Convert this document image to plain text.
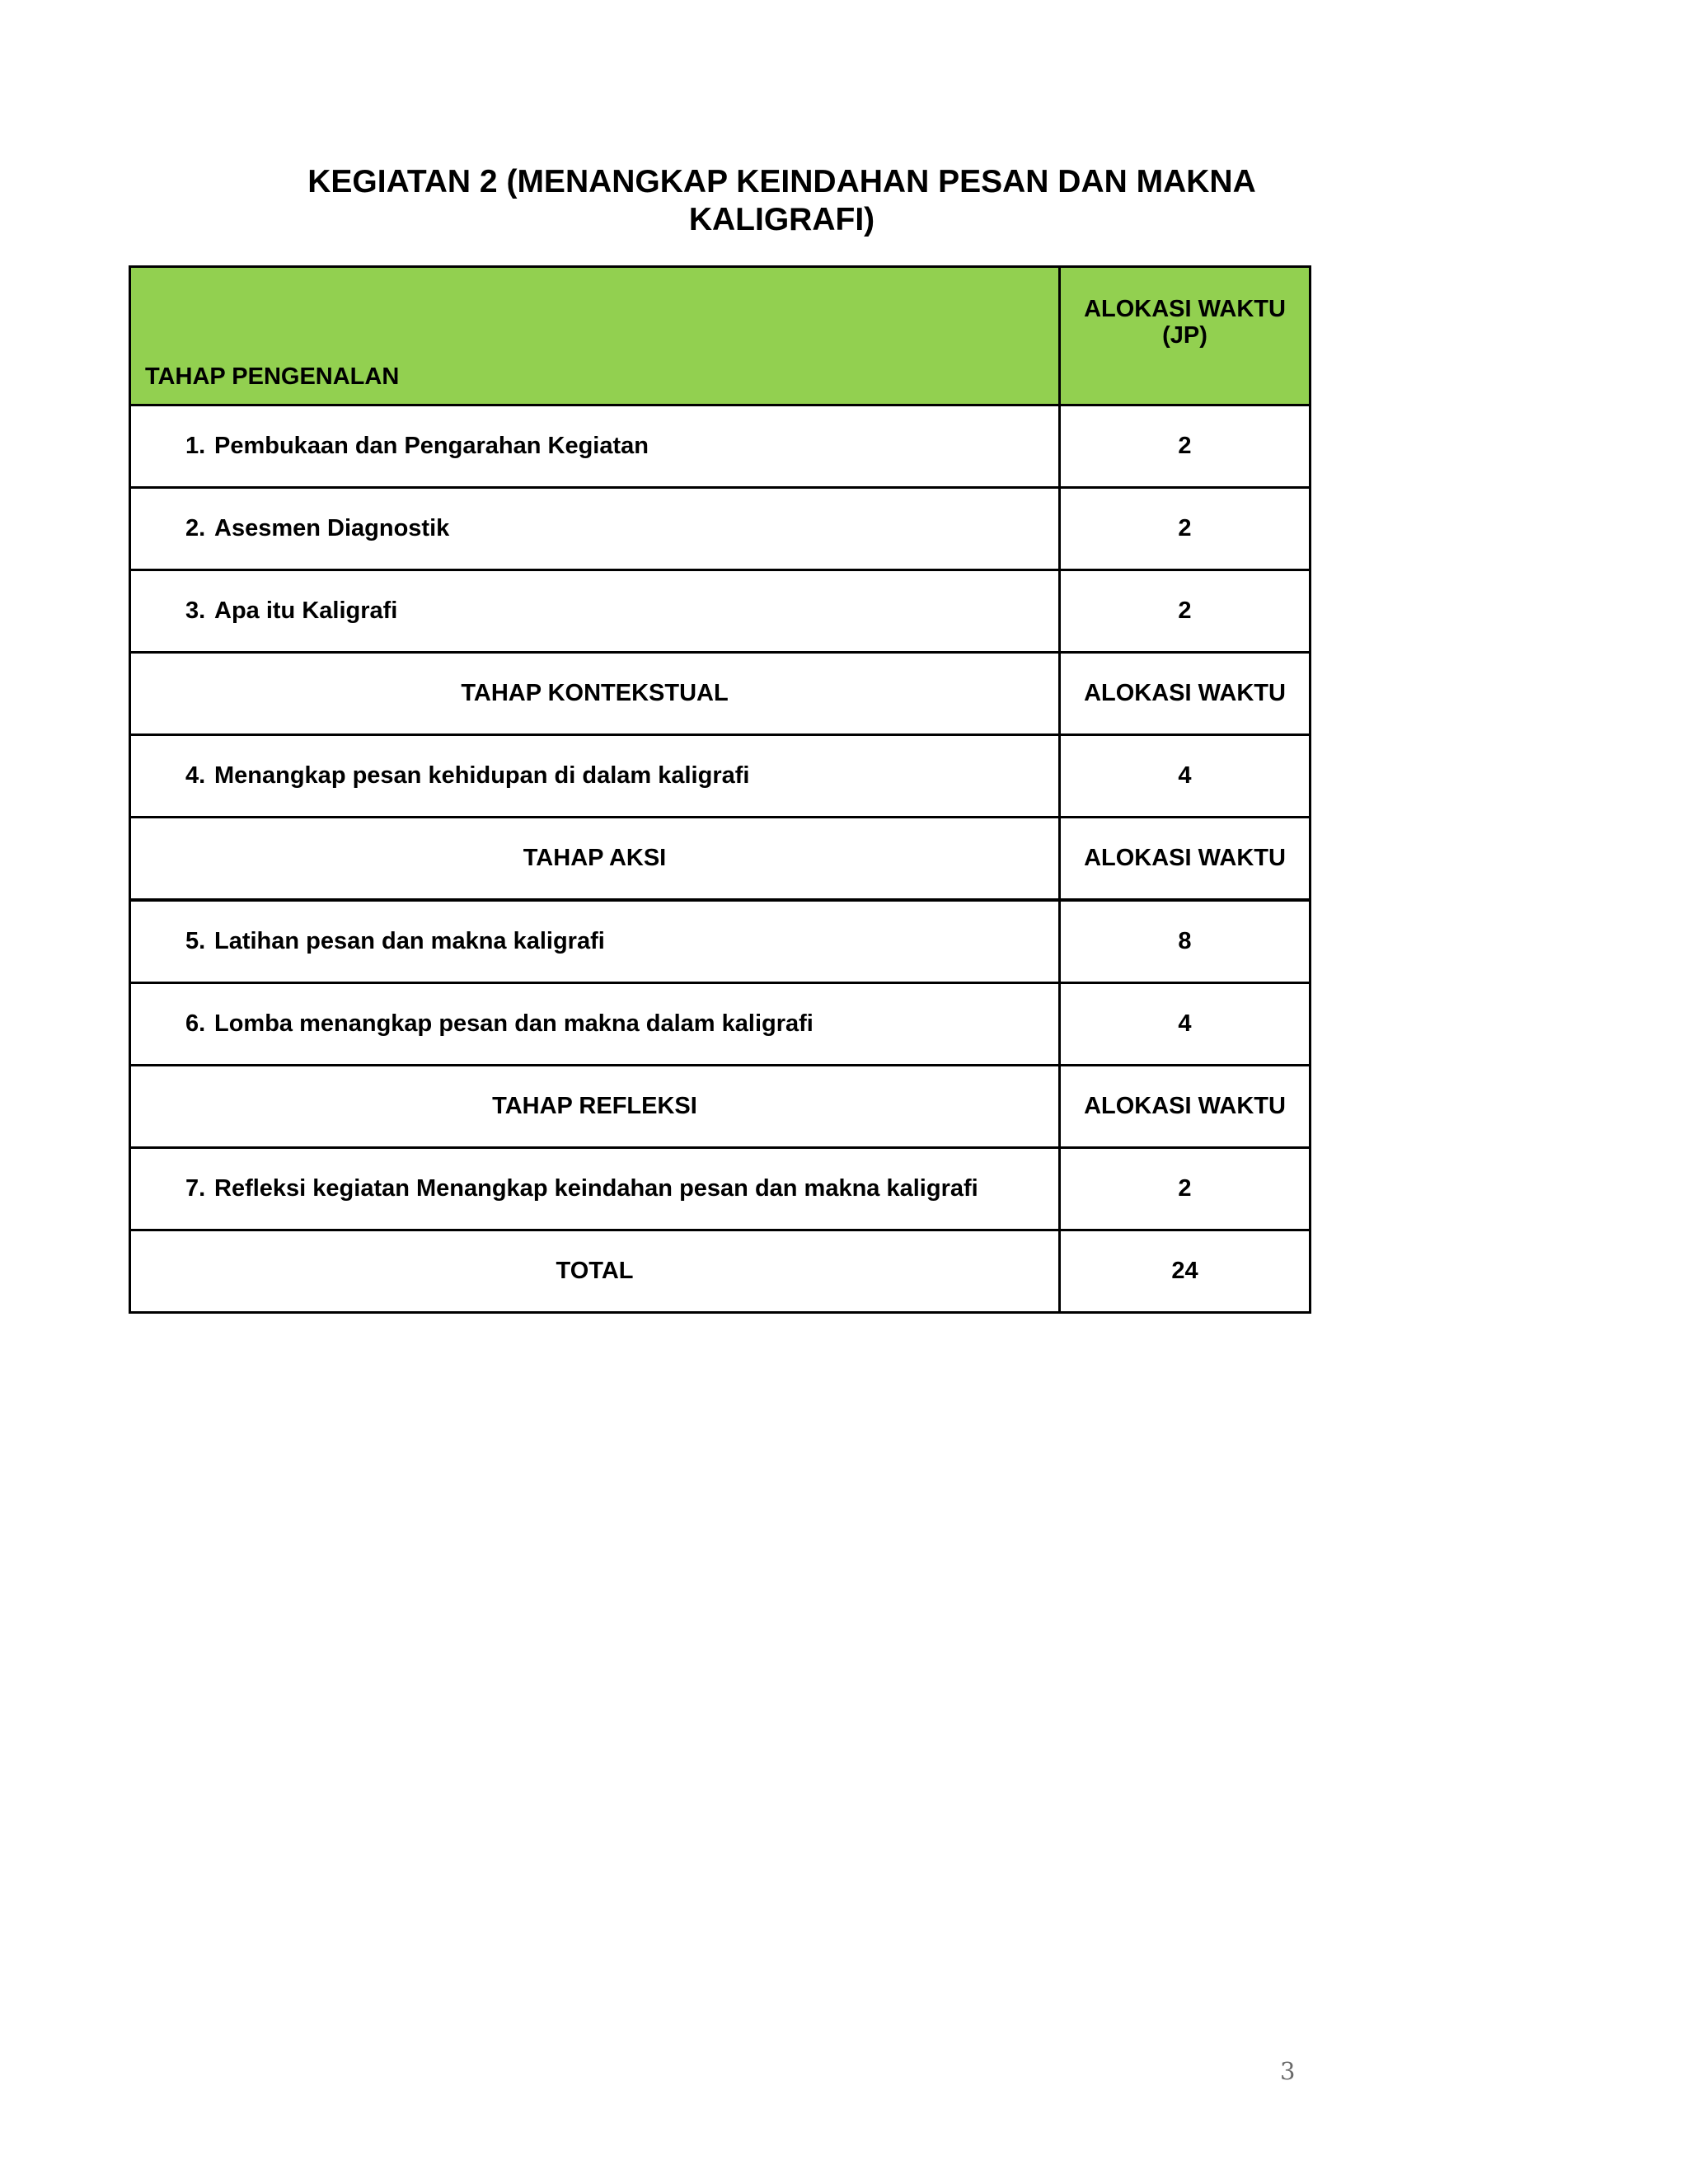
KEGIATAN 2 (MENANGKAP KEINDAHAN PESAN DAN MAKNA
KALIGRAFI)
TAHAP PENGENALAN	ALOKASI WAKTU
(JP)

1. Pembukaan dan Pengarahan Kegiatan	2
2. Asesmen Diagnostik	2
3. Apa itu Kaligrafi	2
TAHAP KONTEKSTUAL	ALOKASI WAKTU
4. Menangkap pesan kehidupan di dalam kaligrafi	4
TAHAP AKSI	ALOKASI WAKTU
5. Latihan pesan dan makna kaligrafi	8
6. Lomba menangkap pesan dan makna dalam kaligrafi	4
TAHAP REFLEKSI	ALOKASI WAKTU
7. Refleksi kegiatan Menangkap keindahan pesan dan makna kaligrafi	2
TOTAL	24
3
